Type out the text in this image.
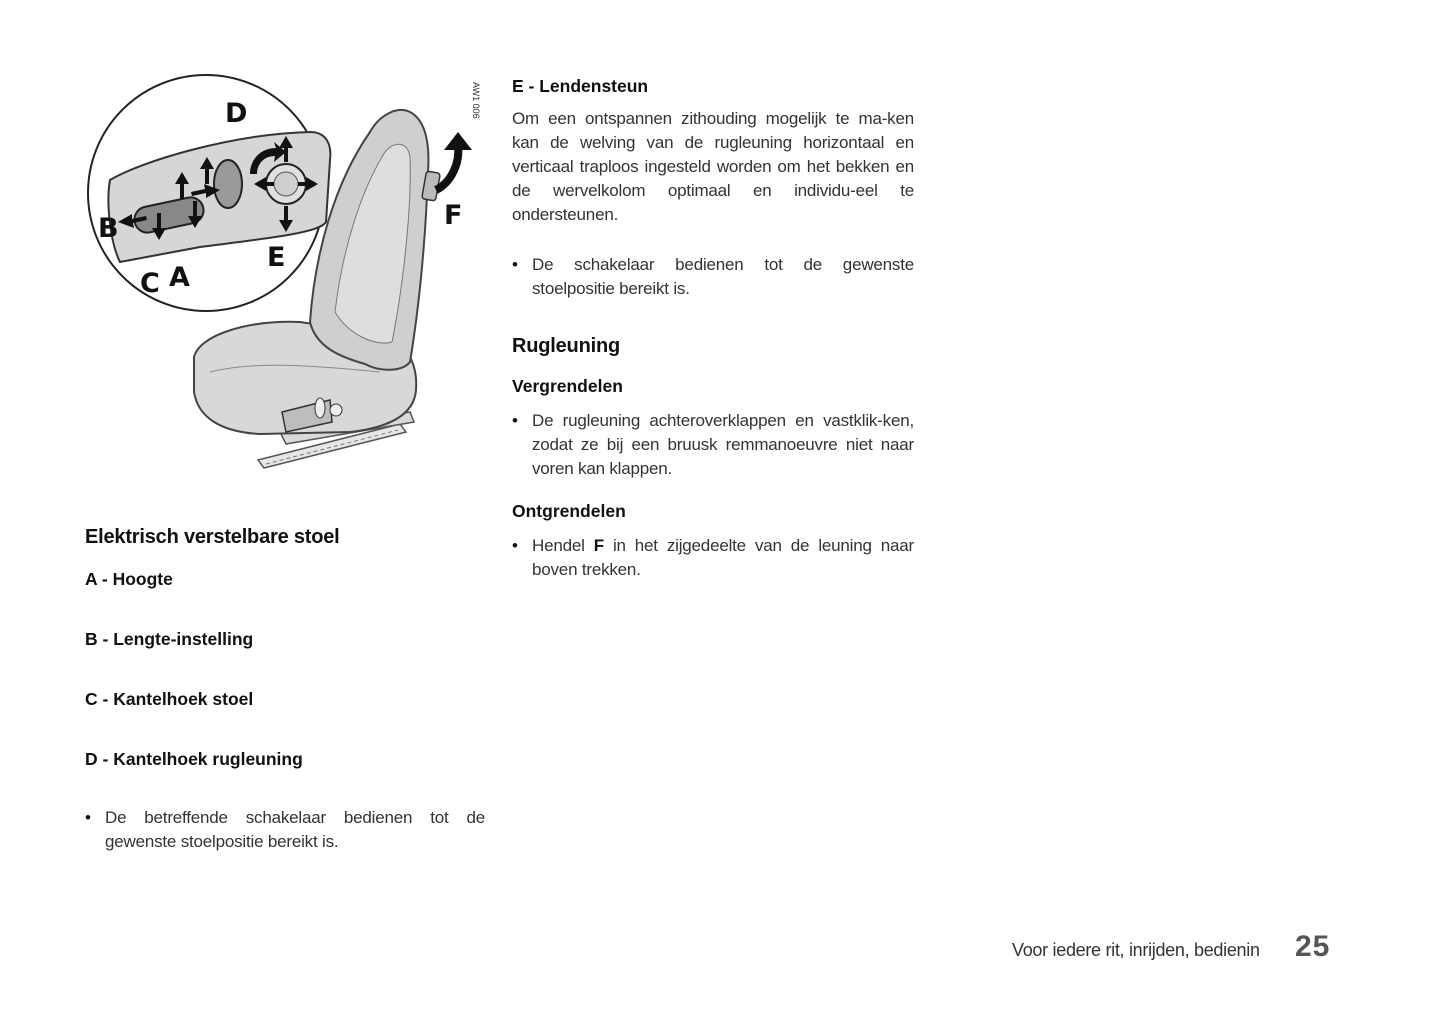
D
B
C A
E
F
AW1 006
Elektrisch verstelbare stoel
A - Hoogte
B - Lengte-instelling
C - Kantelhoek stoel
D - Kantelhoek rugleuning
• De betreffende schakelaar bedienen tot de gewenste stoelpositie bereikt is.

E - Lendensteun

Om een ontspannen zithouding mogelijk te ma-ken kan de welving van de rugleuning horizontaal en verticaal traploos ingesteld worden om het bekken en de wervelkolom optimaal en individu-eel te ondersteunen.

• De schakelaar bedienen tot de gewenste stoelpositie bereikt is.

Rugleuning
Vergrendelen
• De rugleuning achteroverklappen en vastklik-ken, zodat ze bij een bruusk remmanoeuvre niet naar voren kan klappen.

Ontgrendelen
• Hendel F in het zijgedeelte van de leuning naar boven trekken.

Voor iedere rit, inrijden, bedienin 25
